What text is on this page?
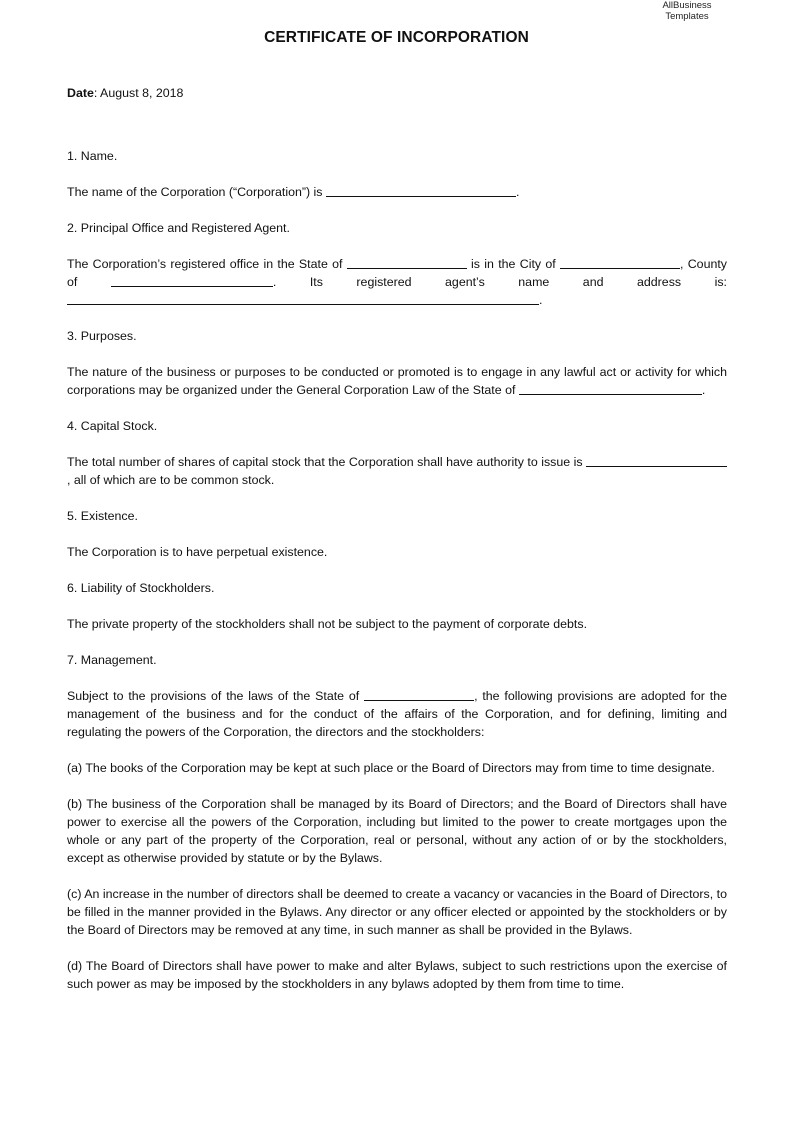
AllBusiness
Templates
CERTIFICATE OF INCORPORATION

Date: August 8, 2018

1. Name.

The name of the Corporation (“Corporation”) is	.

2. Principal Office and Registered Agent.

The Corporation’s registered office in the State of	is in the City of	, County of	. Its registered agent’s name and address is: .

3. Purposes.

The nature of the business or purposes to be conducted or promoted is to engage in any lawful act or activity for which corporations may be organized under the General Corporation Law of the State of	.

4. Capital Stock.

The total number of shares of capital stock that the Corporation shall have authority to issue is , all of which are to be common stock.

5. Existence.

The Corporation is to have perpetual existence.

6. Liability of Stockholders.

The private property of the stockholders shall not be subject to the payment of corporate debts.

7. Management.

Subject to the provisions of the laws of the State of	, the following provisions are adopted for the management of the business and for the conduct of the affairs of the Corporation, and for defining, limiting and regulating the powers of the Corporation, the directors and the stockholders:

(a) The books of the Corporation may be kept at such place or the Board of Directors may from time to time designate.

(b) The business of the Corporation shall be managed by its Board of Directors; and the Board of Directors shall have power to exercise all the powers of the Corporation, including but limited to the power to create mortgages upon the whole or any part of the property of the Corporation, real or personal, without any action of or by the stockholders, except as otherwise provided by statute or by the Bylaws.

(c) An increase in the number of directors shall be deemed to create a vacancy or vacancies in the Board of Directors, to be filled in the manner provided in the Bylaws. Any director or any officer elected or appointed by the stockholders or by the Board of Directors may be removed at any time, in such manner as shall be provided in the Bylaws.

(d) The Board of Directors shall have power to make and alter Bylaws, subject to such restrictions upon the exercise of such power as may be imposed by the stockholders in any bylaws adopted by them from time to time.
